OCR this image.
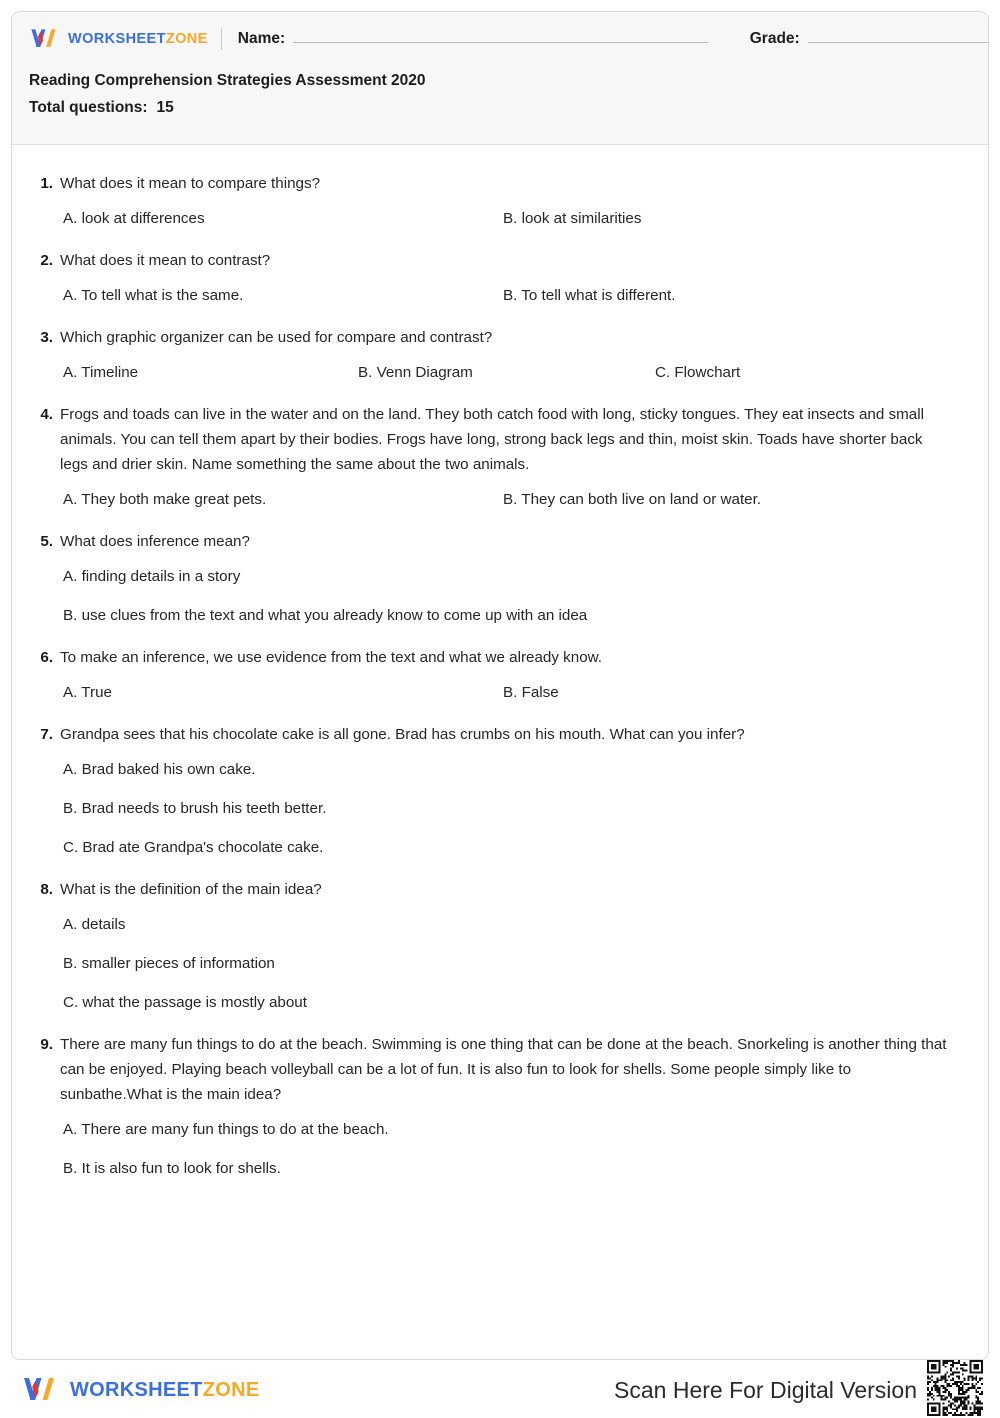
WORKSHEETZONE Name:	Grade:
Reading Comprehension Strategies Assessment 2020
Total questions: 15
1. What does it mean to compare things?

A. look at differences	B. look at similarities
2. What does it mean to contrast?

A. To tell what is the same.	B. To tell what is different.
3. Which graphic organizer can be used for compare and contrast?

A. Timeline	B. Venn Diagram	C. Flowchart
4. Frogs and toads can live in the water and on the land. They both catch food with long, sticky tongues. They eat insects and small animals. You can tell them apart by their bodies. Frogs have long, strong back legs and thin, moist skin. Toads have shorter back legs and drier skin. Name something the same about the two animals.

A. They both make great pets.	B. They can both live on land or water.
5. What does inference mean?

A. finding details in a story
B. use clues from the text and what you already know to come up with an idea
6. To make an inference, we use evidence from the text and what we already know.

A. True	B. False
7. Grandpa sees that his chocolate cake is all gone. Brad has crumbs on his mouth. What can you infer?

A. Brad baked his own cake.
B. Brad needs to brush his teeth better.
C. Brad ate Grandpa's chocolate cake.
8. What is the definition of the main idea?

A. details
B. smaller pieces of information
C. what the passage is mostly about
9. There are many fun things to do at the beach. Swimming is one thing that can be done at the beach. Snorkeling is another thing that can be enjoyed. Playing beach volleyball can be a lot of fun. It is also fun to look for shells. Some people simply like to sunbathe.What is the main idea?

A. There are many fun things to do at the beach.
B. It is also fun to look for shells.
WORKSHEETZONE	Scan Here For Digital Version
